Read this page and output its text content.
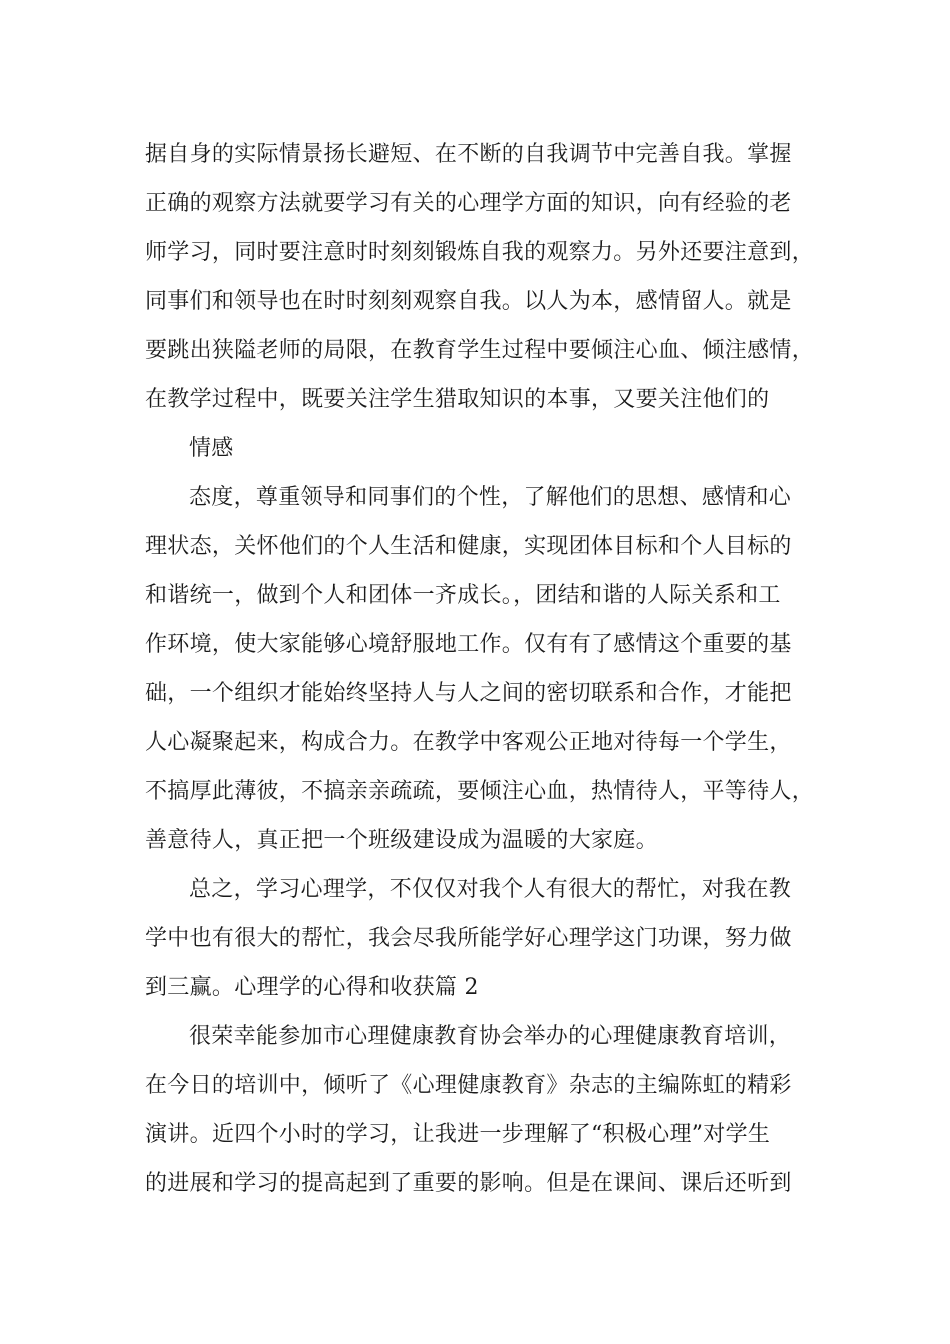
据自身的实际情景扬长避短、在不断的自我调节中完善自我。掌握
正确的观察方法就要学习有关的心理学方面的知识，向有经验的老
师学习，同时要注意时时刻刻锻炼自我的观察力。另外还要注意到，
同事们和领导也在时时刻刻观察自我。以人为本，感情留人。就是
要跳出狭隘老师的局限，在教育学生过程中要倾注心血、倾注感情，
在教学过程中，既要关注学生猎取知识的本事，又要关注他们的
情感
态度，尊重领导和同事们的个性，了解他们的思想、感情和心
理状态，关怀他们的个人生活和健康，实现团体目标和个人目标的
和谐统一，做到个人和团体一齐成长。，团结和谐的人际关系和工
作环境，使大家能够心境舒服地工作。仅有有了感情这个重要的基
础，一个组织才能始终坚持人与人之间的密切联系和合作，才能把
人心凝聚起来，构成合力。在教学中客观公正地对待每一个学生，
不搞厚此薄彼，不搞亲亲疏疏，要倾注心血，热情待人，平等待人，
善意待人，真正把一个班级建设成为温暖的大家庭。
总之，学习心理学，不仅仅对我个人有很大的帮忙，对我在教
学中也有很大的帮忙，我会尽我所能学好心理学这门功课，努力做
到三赢。心理学的心得和收获篇 2
很荣幸能参加市心理健康教育协会举办的心理健康教育培训，
在今日的培训中，倾听了《心理健康教育》杂志的主编陈虹的精彩
演讲。近四个小时的学习，让我进一步理解了“积极心理”对学生
的进展和学习的提高起到了重要的影响。但是在课间、课后还听到
